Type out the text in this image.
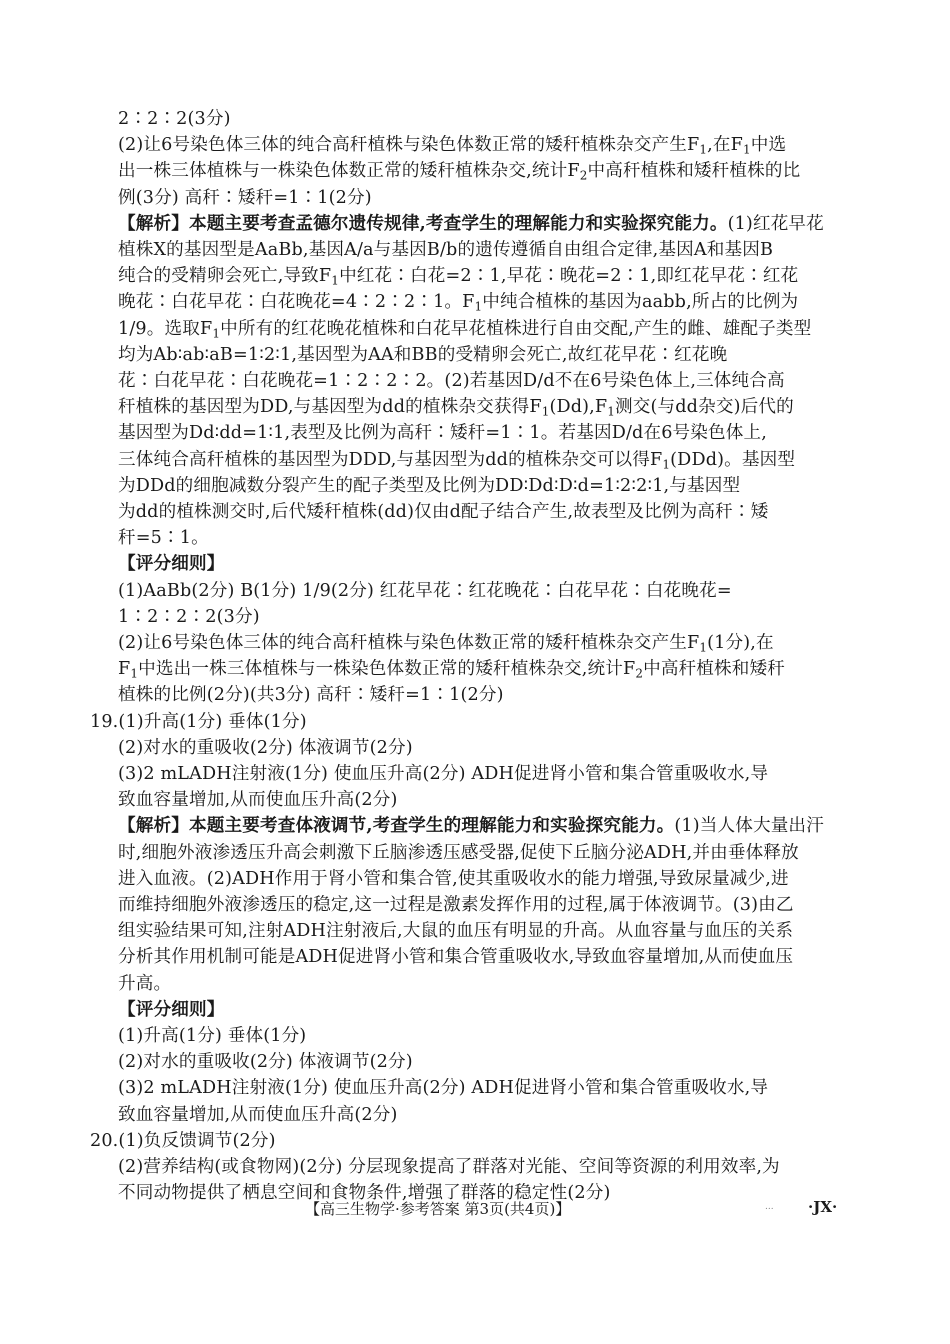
2∶2∶2(3分)
(2)让6号染色体三体的纯合高秆植株与染色体数正常的矮秆植株杂交产生$F_1$,在$F_1$中选
出一株三体植株与一株染色体数正常的矮秆植株杂交,统计$F_2$中高秆植株和矮秆植株的比
例(3分) 高秆∶矮秆=1∶1(2分)
【解析】本题主要考查孟德尔遗传规律,考查学生的理解能力和实验探究能力。(1)红花早花
植株X的基因型是AaBb,基因A/a与基因B/b的遗传遵循自由组合定律,基因A和基因B
纯合的受精卵会死亡,导致$F_1$中红花∶白花=2∶1,早花∶晚花=2∶1,即红花早花∶红花
晚花∶白花早花∶白花晚花=4∶2∶2∶1。$F_1$中纯合植株的基因为aabb,所占的比例为
1/9。选取$F_1$中所有的红花晚花植株和白花早花植株进行自由交配,产生的雌、雄配子类型
均为Ab∶ab∶aB=1∶2∶1,基因型为AA和BB的受精卵会死亡,故红花早花∶红花晚
花∶白花早花∶白花晚花=1∶2∶2∶2。(2)若基因D/d不在6号染色体上,三体纯合高
秆植株的基因型为DD,与基因型为dd的植株杂交获得$F_1(Dd),F_1$测交(与dd杂交)后代的
基因型为Dd∶dd=1∶1,表型及比例为高秆∶矮秆=1∶1。若基因D/d在6号染色体上,
三体纯合高秆植株的基因型为DDD,与基因型为dd的植株杂交可以得$F_1(DDd)$。基因型
为DDd的细胞减数分裂产生的配子类型及比例为DD∶Dd∶D∶d=1∶2∶2∶1,与基因型
为dd的植株测交时,后代矮秆植株(dd)仅由d配子结合产生,故表型及比例为高秆∶矮
秆=5∶1。
【评分细则】
(1)AaBb(2分) B(1分) 1/9(2分) 红花早花∶红花晚花∶白花早花∶白花晚花=
1∶2∶2∶2(3分)
(2)让6号染色体三体的纯合高秆植株与染色体数正常的矮秆植株杂交产生$F_1(1$分),在
$F_1$中选出一株三体植株与一株染色体数正常的矮秆植株杂交,统计$F_2$中高秆植株和矮秆
植株的比例(2分)(共3分) 高秆∶矮秆=1∶1(2分)
19.(1)升高(1分) 垂体(1分)
(2)对水的重吸收(2分) 体液调节(2分)
(3)2 mLADH注射液(1分) 使血压升高(2分) ADH促进肾小管和集合管重吸收水,导
致血容量增加,从而使血压升高(2分)
【解析】本题主要考查体液调节,考查学生的理解能力和实验探究能力。(1)当人体大量出汗
时,细胞外液渗透压升高会刺激下丘脑渗透压感受器,促使下丘脑分泌ADH,并由垂体释放
进入血液。(2)ADH作用于肾小管和集合管,使其重吸收水的能力增强,导致尿量减少,进
而维持细胞外液渗透压的稳定,这一过程是激素发挥作用的过程,属于体液调节。(3)由乙
组实验结果可知,注射ADH注射液后,大鼠的血压有明显的升高。从血容量与血压的关系
分析其作用机制可能是ADH促进肾小管和集合管重吸收水,导致血容量增加,从而使血压
升高。
【评分细则】
(1)升高(1分) 垂体(1分)
(2)对水的重吸收(2分) 体液调节(2分)
(3)2 mLADH注射液(1分) 使血压升高(2分) ADH促进肾小管和集合管重吸收水,导
致血容量增加,从而使血压升高(2分)
20.(1)负反馈调节(2分)
(2)营养结构(或食物网)(2分) 分层现象提高了群落对光能、空间等资源的利用效率,为
不同动物提供了栖息空间和食物条件,增强了群落的稳定性(2分)
【高三生物学·参考答案 第3页(共4页)】	... ·JX·
